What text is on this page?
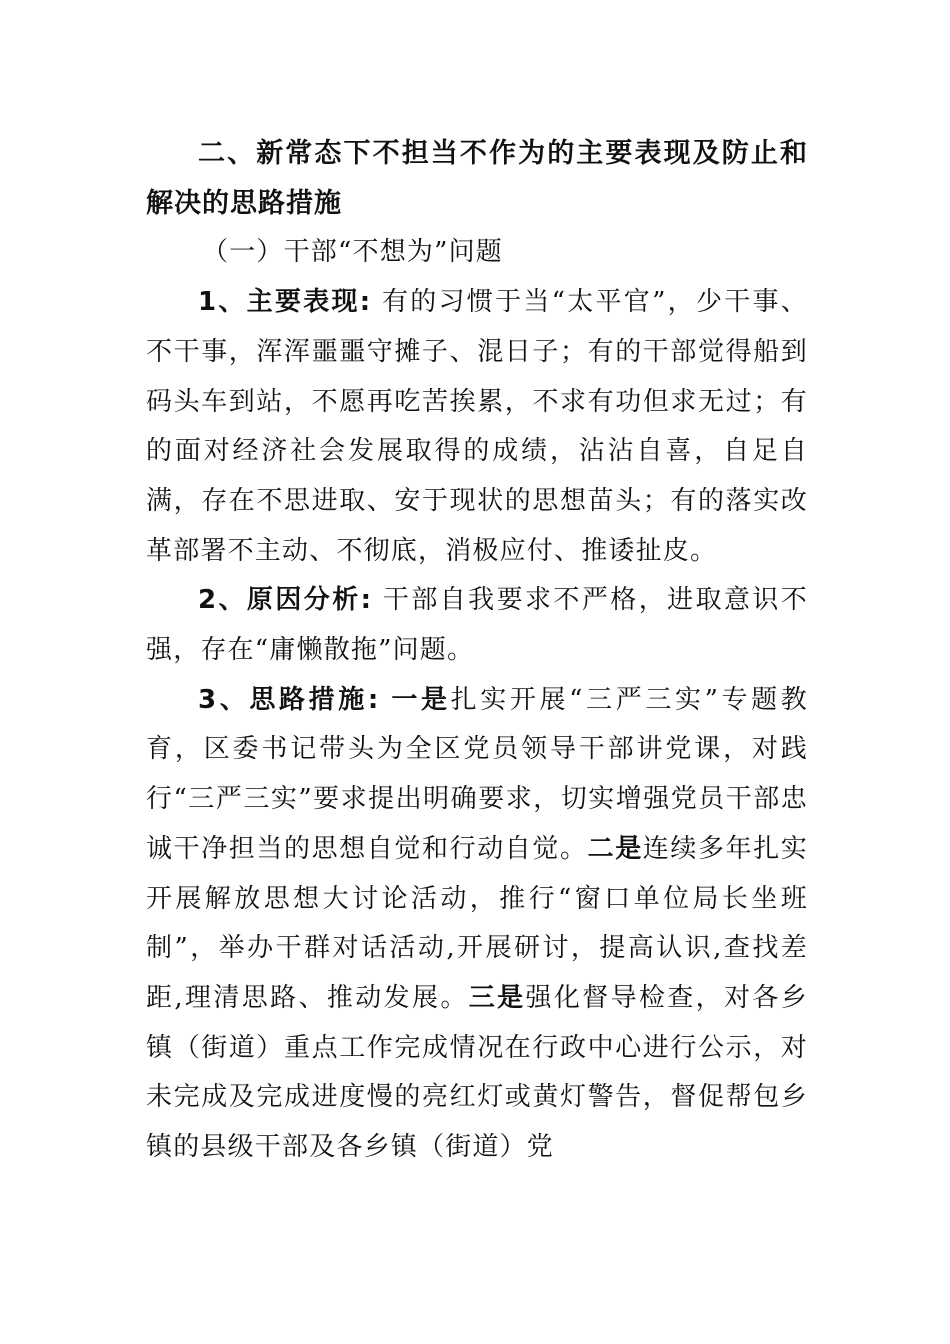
二、新常态下不担当不作为的主要表现及防止和解决的思路措施

（一）干部“不想为”问题

1、主要表现: 有的习惯于当“太平官”，少干事、不干事，浑浑噩噩守摊子、混日子；有的干部觉得船到码头车到站，不愿再吃苦挨累，不求有功但求无过；有的面对经济社会发展取得的成绩，沾沾自喜，自足自满，存在不思进取、安于现状的思想苗头；有的落实改革部署不主动、不彻底，消极应付、推诿扯皮。

2、原因分析: 干部自我要求不严格，进取意识不强，存在“庸懒散拖”问题。

3、思路措施: 一是扎实开展“三严三实”专题教育，区委书记带头为全区党员领导干部讲党课，对践行“三严三实”要求提出明确要求，切实增强党员干部忠诚干净担当的思想自觉和行动自觉。二是连续多年扎实开展解放思想大讨论活动，推行“窗口单位局长坐班制”，举办干群对话活动,开展研讨，提高认识,查找差距,理清思路、推动发展。三是强化督导检查，对各乡镇（街道）重点工作完成情况在行政中心进行公示，对未完成及完成进度慢的亮红灯或黄灯警告，督促帮包乡镇的县级干部及各乡镇（街道）党
